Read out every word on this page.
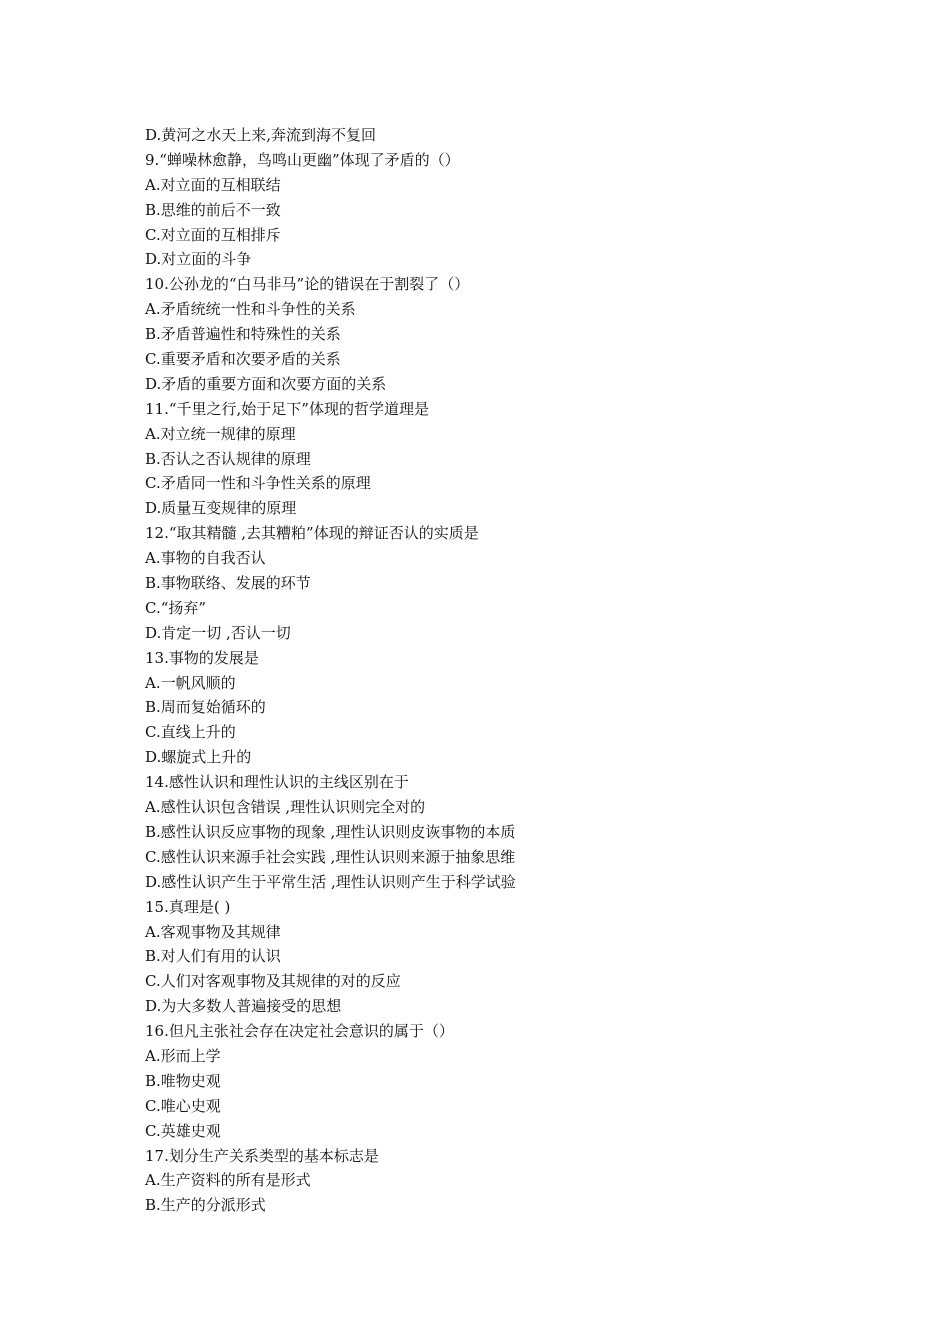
D.黄河之水天上来,奔流到海不复回
9.“蝉噪林愈静，鸟鸣山更幽”体现了矛盾的（）
A.对立面的互相联结
B.思维的前后不一致
C.对立面的互相排斥
D.对立面的斗争
10.公孙龙的“白马非马”论的错误在于割裂了（）
A.矛盾统统一性和斗争性的关系
B.矛盾普遍性和特殊性的关系
C.重要矛盾和次要矛盾的关系
D.矛盾的重要方面和次要方面的关系
11.“千里之行,始于足下”体现的哲学道理是
A.对立统一规律的原理
B.否认之否认规律的原理
C.矛盾同一性和斗争性关系的原理
D.质量互变规律的原理
12.“取其精髓 ,去其糟粕”体现的辩证否认的实质是
A.事物的自我否认
B.事物联络、发展的环节
C.“扬弃”
D.肯定一切 ,否认一切
13.事物的发展是
A.一帆风顺的
B.周而复始循环的
C.直线上升的
D.螺旋式上升的
14.感性认识和理性认识的主线区别在于
A.感性认识包含错误 ,理性认识则完全对的
B.感性认识反应事物的现象 ,理性认识则皮诙事物的本质
C.感性认识来源手社会实践 ,理性认识则来源于抽象思维
D.感性认识产生于平常生活 ,理性认识则产生于科学试验
15.真理是( )
A.客观事物及其规律
B.对人们有用的认识
C.人们对客观事物及其规律的对的反应
D.为大多数人普遍接受的思想
16.但凡主张社会存在决定社会意识的属于（）
A.形而上学
B.唯物史观
C.唯心史观
C.英雄史观
17.划分生产关系类型的基本标志是
A.生产资料的所有是形式
B.生产的分派形式
